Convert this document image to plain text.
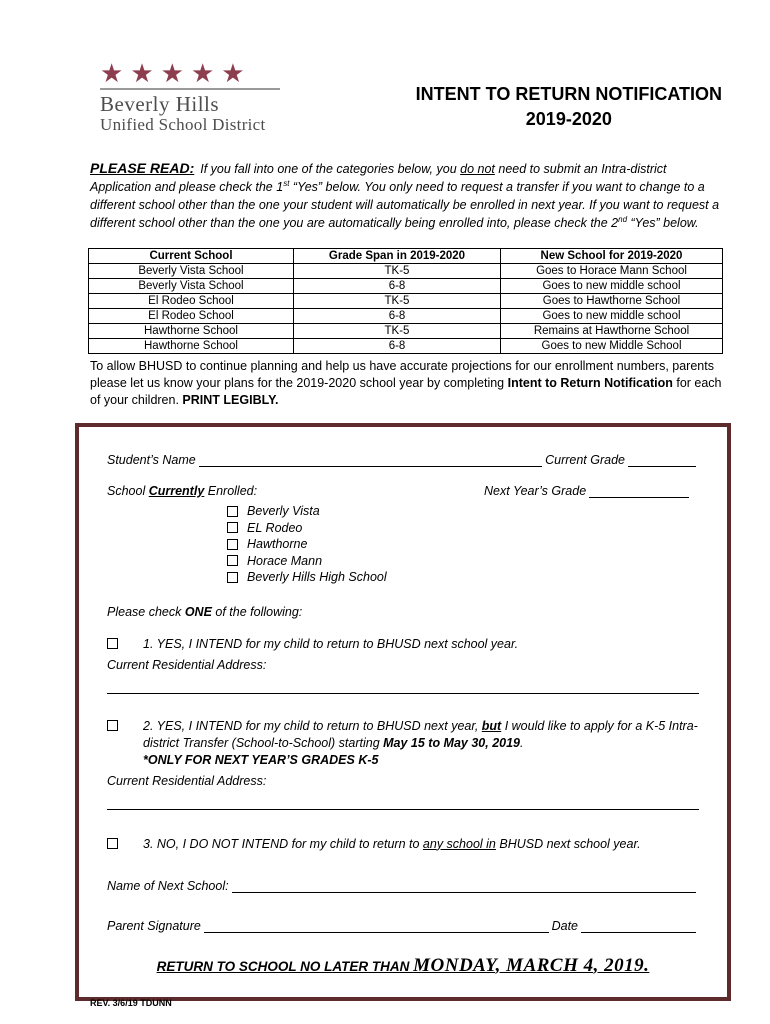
★★★★★
Beverly Hills
Unified School District
INTENT TO RETURN NOTIFICATION
2019-2020
PLEASE READ: If you fall into one of the categories below, you do not need to submit an Intra-district Application and please check the 1st “Yes” below. You only need to request a transfer if you want to change to a different school other than the one your student will automatically be enrolled in next year. If you want to request a different school other than the one you are automatically being enrolled into, please check the 2nd “Yes” below.
Current School	Grade Span in 2019-2020	New School for 2019-2020
Beverly Vista School	TK-5	Goes to Horace Mann School
Beverly Vista School	6-8	Goes to new middle school
El Rodeo School	TK-5	Goes to Hawthorne School
El Rodeo School	6-8	Goes to new middle school
Hawthorne School	TK-5	Remains at Hawthorne School
Hawthorne School	6-8	Goes to new Middle School
To allow BHUSD to continue planning and help us have accurate projections for our enrollment numbers, parents please let us know your plans for the 2019-2020 school year by completing Intent to Return Notification for each of your children. PRINT LEGIBLY.
Student’s Name	Current Grade
School Currently Enrolled:	Next Year’s Grade
Beverly Vista
EL Rodeo
Hawthorne
Horace Mann
Beverly Hills High School
Please check ONE of the following:
1. YES, I INTEND for my child to return to BHUSD next school year.
Current Residential Address:
2. YES, I INTEND for my child to return to BHUSD next year, but I would like to apply for a K-5 Intra-district Transfer (School-to-School) starting May 15 to May 30, 2019.
*ONLY FOR NEXT YEAR’S GRADES K-5
Current Residential Address:
3. NO, I DO NOT INTEND for my child to return to any school in BHUSD next school year.
Name of Next School:
Parent Signature	Date
RETURN TO SCHOOL NO LATER THAN MONDAY, MARCH 4, 2019.
REV. 3/6/19 TDUNN
